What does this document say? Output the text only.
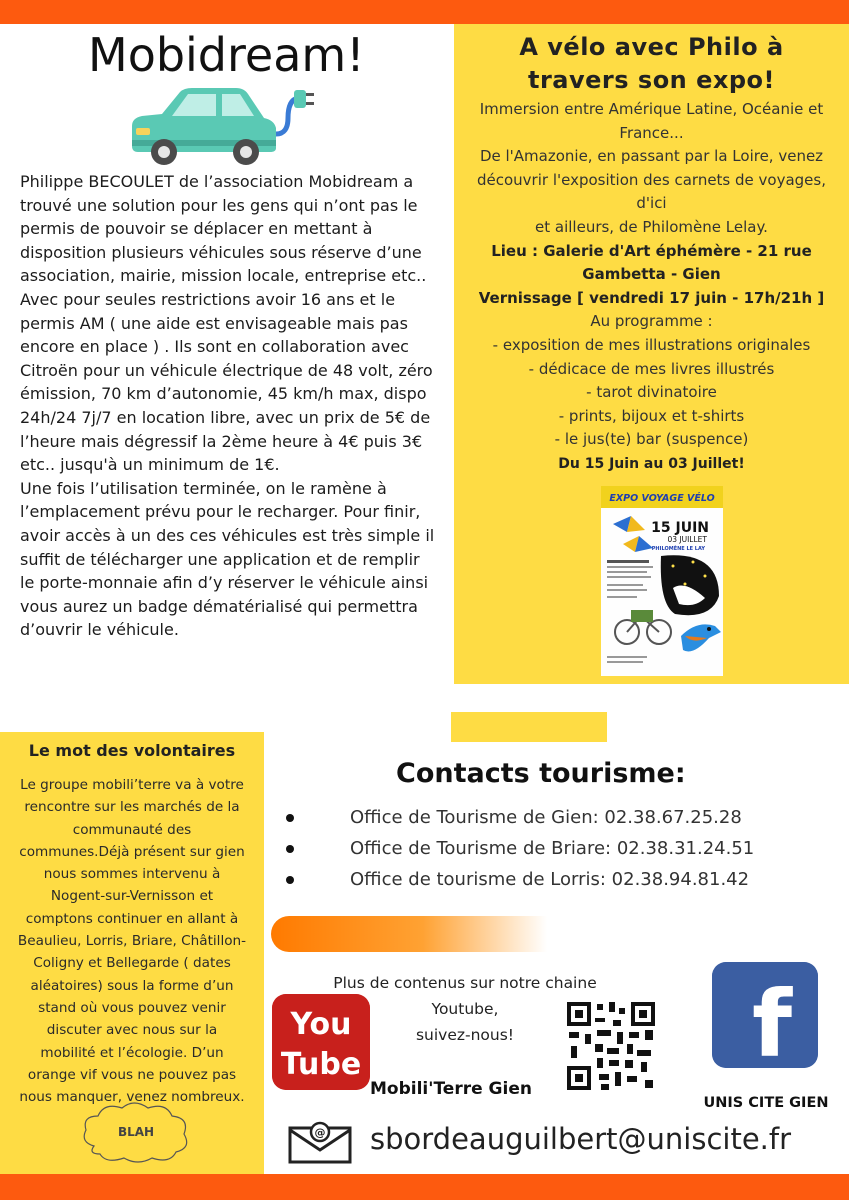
Mobidream!
Philippe BECOULET de l’association Mobidream a
trouvé une solution pour les gens qui n’ont pas le
permis de pouvoir se déplacer en mettant à
disposition plusieurs véhicules sous réserve d’une
association, mairie, mission locale, entreprise etc..
Avec pour seules restrictions avoir 16 ans et le
permis AM ( une aide est envisageable mais pas
encore en place ) . Ils sont en collaboration avec
Citroën pour un véhicule électrique de 48 volt, zéro
émission, 70 km d’autonomie, 45 km/h max, dispo
24h/24 7j/7 en location libre, avec un prix de 5€ de
l’heure mais dégressif la 2ème heure à 4€ puis 3€
etc.. jusqu'à un minimum de 1€.
Une fois l’utilisation terminée, on le ramène à
l’emplacement prévu pour le recharger. Pour finir,
avoir accès à un des ces véhicules est très simple il
suffit de télécharger une application et de remplir
le porte-monnaie afin d’y réserver le véhicule ainsi
vous aurez un badge dématérialisé qui permettra
d’ouvrir le véhicule.
A vélo avec Philo à
travers son expo!
Immersion entre Amérique Latine, Océanie et
France...
De l'Amazonie, en passant par la Loire, venez
découvrir l'exposition des carnets de voyages, d'ici
et ailleurs, de Philomène Lelay.
Lieu : Galerie d'Art éphémère - 21 rue
Gambetta - Gien
Vernissage [ vendredi 17 juin - 17h/21h ]
Au programme :
- exposition de mes illustrations originales
- dédicace de mes livres illustrés
- tarot divinatoire
- prints, bijoux et t-shirts
- le jus(te) bar (suspence)
Du 15 Juin au 03 Juillet!
EXPO VOYAGE VÉLO
15 JUIN
03 JUILLET
PHILOMÈNE LE LAY
Le mot des volontaires
Le groupe mobili’terre va à votre
rencontre sur les marchés de la
communauté des
communes.Déjà présent sur gien
nous sommes intervenu à
Nogent-sur-Vernisson et
comptons continuer en allant à
Beaulieu, Lorris, Briare, Châtillon-
Coligny et Bellegarde ( dates
aléatoires) sous la forme d’un
stand où vous pouvez venir
discuter avec nous sur la
mobilité et l’écologie. D’un
orange vif vous ne pouvez pas
nous manquer, venez nombreux.
BLAH
Contacts tourisme:
Office de Tourisme de Gien: 02.38.67.25.28
Office de Tourisme de Briare: 02.38.31.24.51
Office de tourisme de Lorris: 02.38.94.81.42
Plus de contenus sur notre chaine
Youtube,
suivez-nous!
You
Tube
Mobili'Terre Gien
f
UNIS CITE GIEN
@ sbordeauguilbert@uniscite.fr
